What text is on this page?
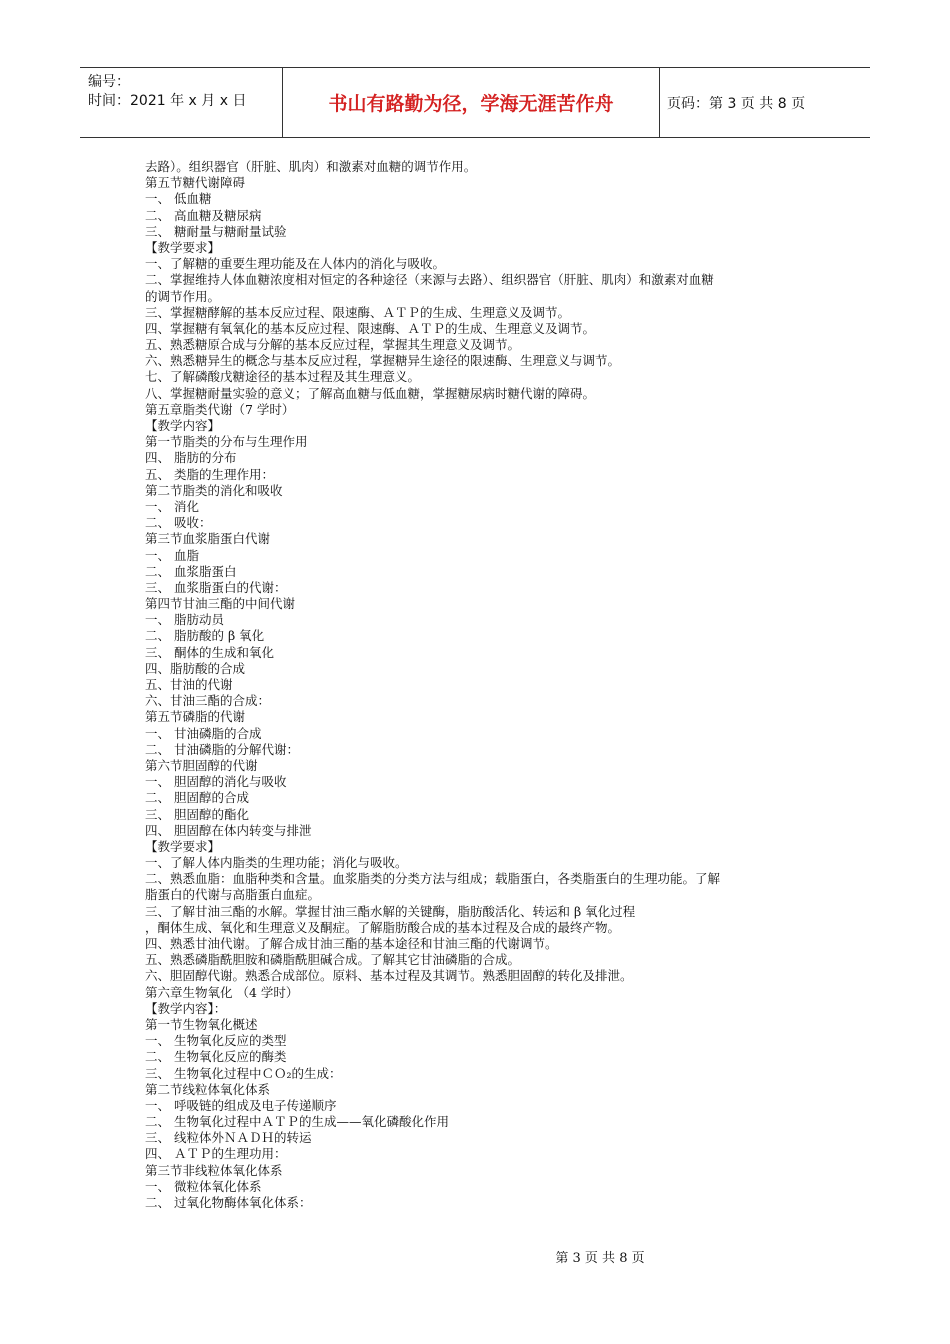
编号：
时间：2021 年 x 月 x 日	书山有路勤为径，学海无涯苦作舟	页码：第 3 页 共 8 页
去路）。组织器官（肝脏、肌肉）和激素对血糖的调节作用。
第五节糖代谢障碍
一、 低血糖
二、 高血糖及糖尿病
三、 糖耐量与糖耐量试验
【教学要求】
一、了解糖的重要生理功能及在人体内的消化与吸收。
二、掌握维持人体血糖浓度相对恒定的各种途径（来源与去路）、组织器官（肝脏、肌肉）和激素对血糖
的调节作用。
三、掌握糖酵解的基本反应过程、限速酶、ＡＴＰ的生成、生理意义及调节。
四、掌握糖有氧氧化的基本反应过程、限速酶、ＡＴＰ的生成、生理意义及调节。
五、熟悉糖原合成与分解的基本反应过程，掌握其生理意义及调节。
六、熟悉糖异生的概念与基本反应过程，掌握糖异生途径的限速酶、生理意义与调节。
七、了解磷酸戊糖途径的基本过程及其生理意义。
八、掌握糖耐量实验的意义；了解高血糖与低血糖，掌握糖尿病时糖代谢的障碍。
第五章脂类代谢（7 学时）
【教学内容】
第一节脂类的分布与生理作用
四、 脂肪的分布
五、 类脂的生理作用：
第二节脂类的消化和吸收
一、 消化
二、 吸收：
第三节血浆脂蛋白代谢
一、 血脂
二、 血浆脂蛋白
三、 血浆脂蛋白的代谢：
第四节甘油三酯的中间代谢
一、 脂肪动员
二、 脂肪酸的 β 氧化
三、 酮体的生成和氧化
四、脂肪酸的合成
五、甘油的代谢
六、甘油三酯的合成：
第五节磷脂的代谢
一、 甘油磷脂的合成
二、 甘油磷脂的分解代谢：
第六节胆固醇的代谢
一、 胆固醇的消化与吸收
二、 胆固醇的合成
三、 胆固醇的酯化
四、 胆固醇在体内转变与排泄
【教学要求】
一、了解人体内脂类的生理功能；消化与吸收。
二、熟悉血脂：血脂种类和含量。血浆脂类的分类方法与组成；载脂蛋白，各类脂蛋白的生理功能。了解
脂蛋白的代谢与高脂蛋白血症。
三、了解甘油三酯的水解。掌握甘油三酯水解的关键酶，脂肪酸活化、转运和 β 氧化过程
，酮体生成、氧化和生理意义及酮症。了解脂肪酸合成的基本过程及合成的最终产物。
四、熟悉甘油代谢。了解合成甘油三酯的基本途径和甘油三酯的代谢调节。
五、熟悉磷脂酰胆胺和磷脂酰胆碱合成。了解其它甘油磷脂的合成。
六、胆固醇代谢。熟悉合成部位。原料、基本过程及其调节。熟悉胆固醇的转化及排泄。
第六章生物氧化 （4 学时）
【教学内容】：
第一节生物氧化概述
一、 生物氧化反应的类型
二、 生物氧化反应的酶类
三、 生物氧化过程中ＣＯ₂的生成：
第二节线粒体氧化体系
一、 呼吸链的组成及电子传递顺序
二、 生物氧化过程中ＡＴＰ的生成——氧化磷酸化作用
三、 线粒体外ＮＡＤＨ的转运
四、 ＡＴＰ的生理功用：
第三节非线粒体氧化体系
一、 微粒体氧化体系
二、 过氧化物酶体氧化体系：
第 3 页 共 8 页
